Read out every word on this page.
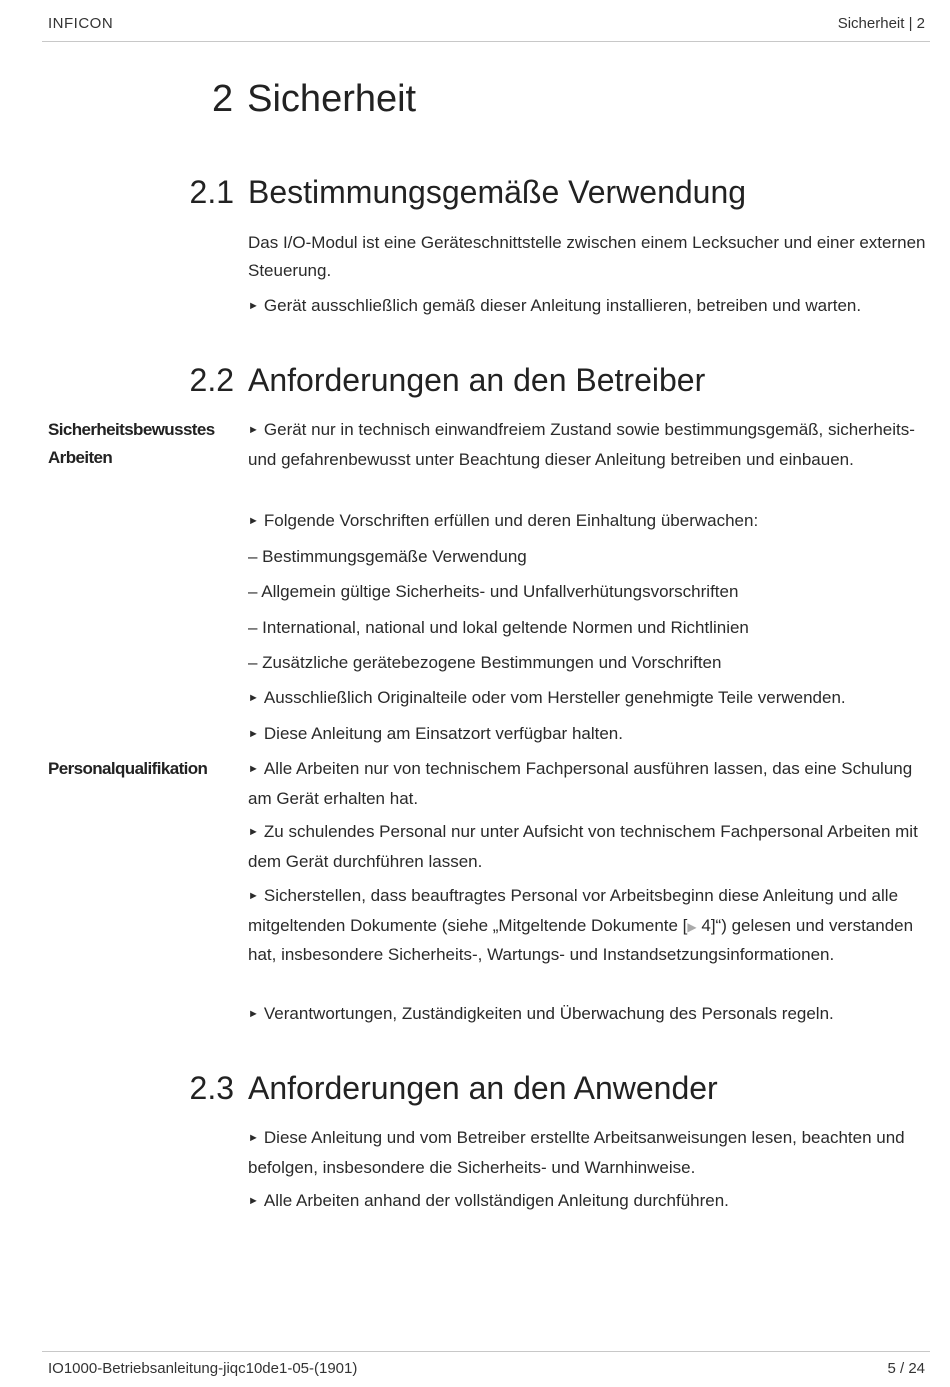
INFICON	Sicherheit | 2
2 Sicherheit
2.1 Bestimmungsgemäße Verwendung
Das I/O-Modul ist eine Geräteschnittstelle zwischen einem Lecksucher und einer externen Steuerung.
► Gerät ausschließlich gemäß dieser Anleitung installieren, betreiben und warten.
2.2 Anforderungen an den Betreiber
Sicherheitsbewusstes Arbeiten
► Gerät nur in technisch einwandfreiem Zustand sowie bestimmungsgemäß, sicherheits- und gefahrenbewusst unter Beachtung dieser Anleitung betreiben und einbauen.
► Folgende Vorschriften erfüllen und deren Einhaltung überwachen:
– Bestimmungsgemäße Verwendung
– Allgemein gültige Sicherheits- und Unfallverhütungsvorschriften
– International, national und lokal geltende Normen und Richtlinien
– Zusätzliche gerätebezogene Bestimmungen und Vorschriften
► Ausschließlich Originalteile oder vom Hersteller genehmigte Teile verwenden.
► Diese Anleitung am Einsatzort verfügbar halten.
Personalqualifikation	► Alle Arbeiten nur von technischem Fachpersonal ausführen lassen, das eine Schulung am Gerät erhalten hat.
► Zu schulendes Personal nur unter Aufsicht von technischem Fachpersonal Arbeiten mit dem Gerät durchführen lassen.
► Sicherstellen, dass beauftragtes Personal vor Arbeitsbeginn diese Anleitung und alle mitgeltenden Dokumente (siehe „Mitgeltende Dokumente [▶ 4]“) gelesen und verstanden hat, insbesondere Sicherheits-, Wartungs- und Instandsetzungsinformationen.
► Verantwortungen, Zuständigkeiten und Überwachung des Personals regeln.
2.3 Anforderungen an den Anwender
► Diese Anleitung und vom Betreiber erstellte Arbeitsanweisungen lesen, beachten und befolgen, insbesondere die Sicherheits- und Warnhinweise.
► Alle Arbeiten anhand der vollständigen Anleitung durchführen.
IO1000-Betriebsanleitung-jiqc10de1-05-(1901)	5 / 24
